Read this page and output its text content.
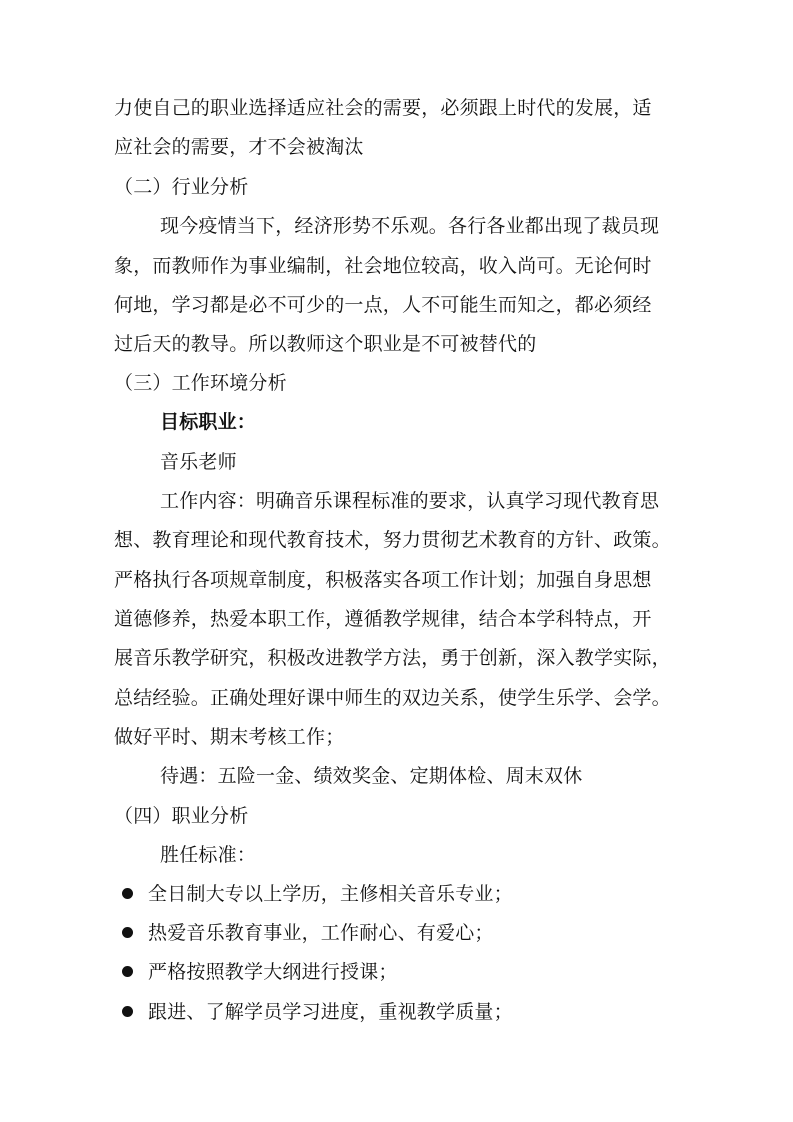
力使自己的职业选择适应社会的需要，必须跟上时代的发展，适
应社会的需要，才不会被淘汰
（二）行业分析
现今疫情当下，经济形势不乐观。各行各业都出现了裁员现
象，而教师作为事业编制，社会地位较高，收入尚可。无论何时
何地，学习都是必不可少的一点，人不可能生而知之，都必须经
过后天的教导。所以教师这个职业是不可被替代的
（三）工作环境分析
目标职业：
音乐老师
工作内容：明确音乐课程标准的要求，认真学习现代教育思
想、教育理论和现代教育技术，努力贯彻艺术教育的方针、政策。
严格执行各项规章制度，积极落实各项工作计划；加强自身思想
道德修养，热爱本职工作，遵循教学规律，结合本学科特点，开
展音乐教学研究，积极改进教学方法，勇于创新，深入教学实际，
总结经验。正确处理好课中师生的双边关系，使学生乐学、会学。
做好平时、期末考核工作；
待遇：五险一金、绩效奖金、定期体检、周末双休
（四）职业分析
胜任标准：
全日制大专以上学历，主修相关音乐专业；
热爱音乐教育事业，工作耐心、有爱心；
严格按照教学大纲进行授课；
跟进、了解学员学习进度，重视教学质量；
